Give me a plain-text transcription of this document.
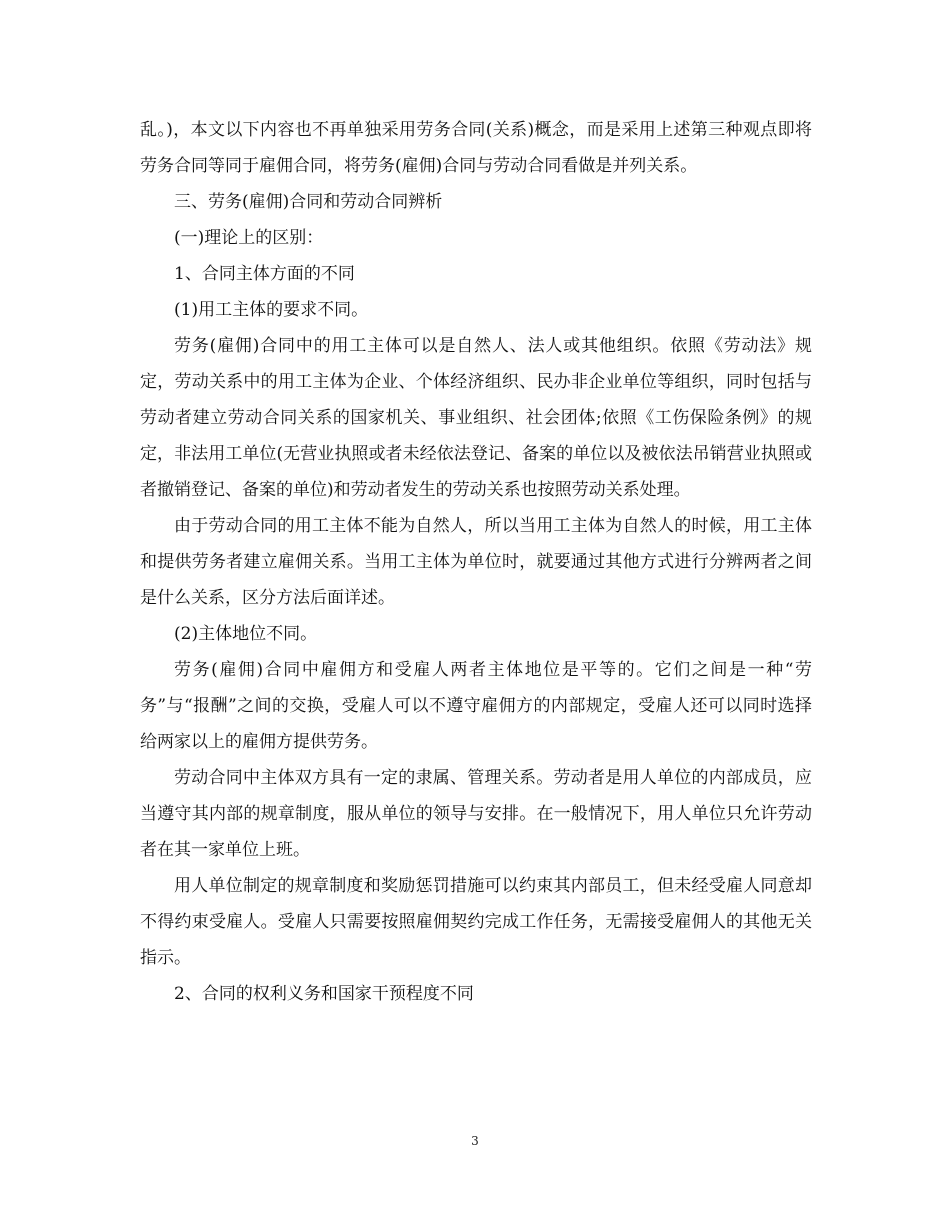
乱。)，本文以下内容也不再单独采用劳务合同(关系)概念，而是采用上述第三种观点即将劳务合同等同于雇佣合同，将劳务(雇佣)合同与劳动合同看做是并列关系。

三、劳务(雇佣)合同和劳动合同辨析

(一)理论上的区别：

1、合同主体方面的不同

(1)用工主体的要求不同。

劳务(雇佣)合同中的用工主体可以是自然人、法人或其他组织。依照《劳动法》规定，劳动关系中的用工主体为企业、个体经济组织、民办非企业单位等组织，同时包括与劳动者建立劳动合同关系的国家机关、事业组织、社会团体;依照《工伤保险条例》的规定，非法用工单位(无营业执照或者未经依法登记、备案的单位以及被依法吊销营业执照或者撤销登记、备案的单位)和劳动者发生的劳动关系也按照劳动关系处理。

由于劳动合同的用工主体不能为自然人，所以当用工主体为自然人的时候，用工主体和提供劳务者建立雇佣关系。当用工主体为单位时，就要通过其他方式进行分辨两者之间是什么关系，区分方法后面详述。

(2)主体地位不同。

劳务(雇佣)合同中雇佣方和受雇人两者主体地位是平等的。它们之间是一种“劳务”与“报酬”之间的交换，受雇人可以不遵守雇佣方的内部规定，受雇人还可以同时选择给两家以上的雇佣方提供劳务。

劳动合同中主体双方具有一定的隶属、管理关系。劳动者是用人单位的内部成员，应当遵守其内部的规章制度，服从单位的领导与安排。在一般情况下，用人单位只允许劳动者在其一家单位上班。

用人单位制定的规章制度和奖励惩罚措施可以约束其内部员工，但未经受雇人同意却不得约束受雇人。受雇人只需要按照雇佣契约完成工作任务，无需接受雇佣人的其他无关指示。

2、合同的权利义务和国家干预程度不同

3
